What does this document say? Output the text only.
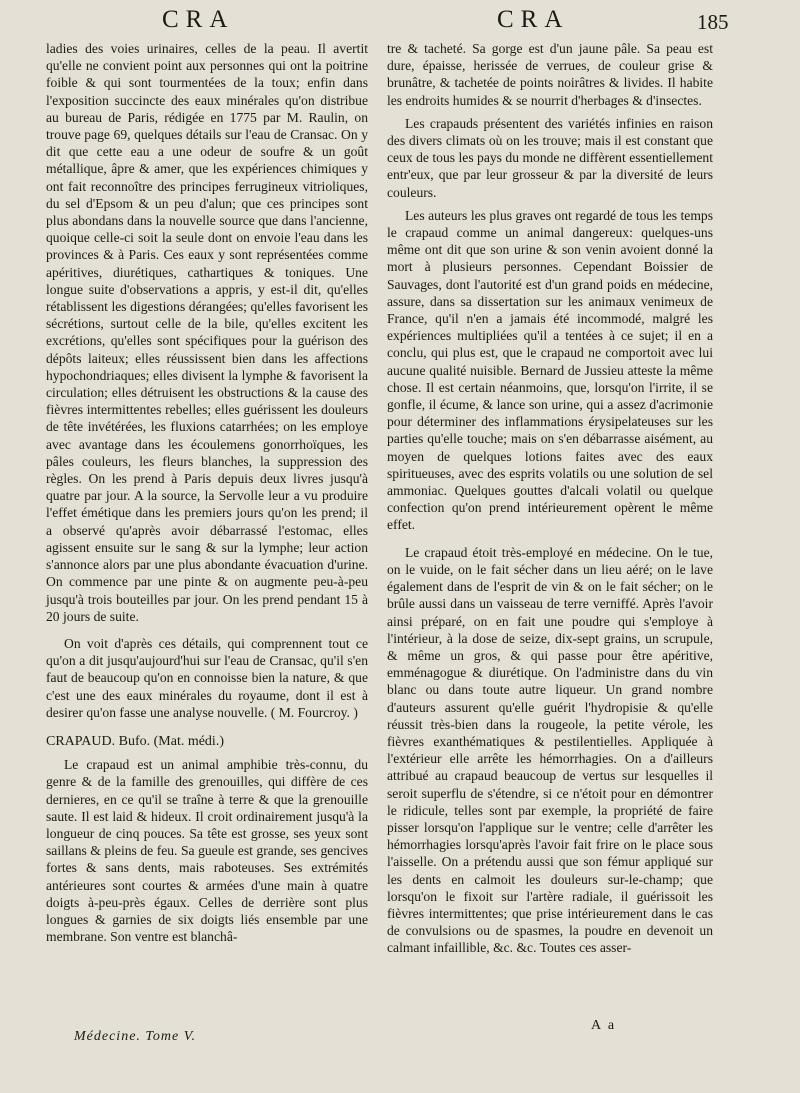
CRA	CRA	185

ladies des voies urinaires, celles de la peau. Il avertit qu'elle ne convient point aux personnes qui ont la poitrine foible & qui sont tourmentées de la toux; enfin dans l'exposition succincte des eaux minérales qu'on distribue au bureau de Paris, rédigée en 1775 par M. Raulin, on trouve page 69, quelques détails sur l'eau de Cransac. On y dit que cette eau a une odeur de soufre & un goût métallique, âpre & amer, que les expériences chimiques y ont fait reconnoître des principes ferrugineux vitrioliques, du sel d'Epsom & un peu d'alun; que ces principes sont plus abondans dans la nouvelle source que dans l'ancienne, quoique celle-ci soit la seule dont on envoie l'eau dans les provinces & à Paris. Ces eaux y sont représentées comme apéritives, diurétiques, cathartiques & toniques. Une longue suite d'observations a appris, y est-il dit, qu'elles rétablissent les digestions dérangées; qu'elles favorisent les sécrétions, surtout celle de la bile, qu'elles excitent les excrétions, qu'elles sont spécifiques pour la guérison des dépôts laiteux; elles réussissent bien dans les affections hypochondriaques; elles divisent la lymphe & favorisent la circulation; elles détruisent les obstructions & la cause des fièvres intermittentes rebelles; elles guérissent les douleurs de tête invétérées, les fluxions catarrhées; on les employe avec avantage dans les écoulemens gonorrhoïques, les pâles couleurs, les fleurs blanches, la suppression des règles. On les prend à Paris depuis deux livres jusqu'à quatre par jour. A la source, la Servolle leur a vu produire l'effet émétique dans les premiers jours qu'on les prend; il a observé qu'après avoir débarrassé l'estomac, elles agissent ensuite sur le sang & sur la lymphe; leur action s'annonce alors par une plus abondante évacuation d'urine. On commence par une pinte & on augmente peu-à-peu jusqu'à trois bouteilles par jour. On les prend pendant 15 à 20 jours de suite.

On voit d'après ces détails, qui comprennent tout ce qu'on a dit jusqu'aujourd'hui sur l'eau de Cransac, qu'il s'en faut de beaucoup qu'on en connoisse bien la nature, & que c'est une des eaux minérales du royaume, dont il est à desirer qu'on fasse une analyse nouvelle. ( M. Fourcroy. )

CRAPAUD. Bufo. (Mat. médi.)

Le crapaud est un animal amphibie très-connu, du genre & de la famille des grenouilles, qui diffère de ces dernieres, en ce qu'il se traîne à terre & que la grenouille saute. Il est laid & hideux. Il croit ordinairement jusqu'à la longueur de cinq pouces. Sa tête est grosse, ses yeux sont saillans & pleins de feu. Sa gueule est grande, ses gencives fortes & sans dents, mais raboteuses. Ses extrémités antérieures sont courtes & armées d'une main à quatre doigts à-peu-près égaux. Celles de derrière sont plus longues & garnies de six doigts liés ensemble par une membrane. Son ventre est blanchâ-

tre & tacheté. Sa gorge est d'un jaune pâle. Sa peau est dure, épaisse, herissée de verrues, de couleur grise & brunâtre, & tachetée de points noirâtres & livides. Il habite les endroits humides & se nourrit d'herbages & d'insectes.

Les crapauds présentent des variétés infinies en raison des divers climats où on les trouve; mais il est constant que ceux de tous les pays du monde ne diffèrent essentiellement entr'eux, que par leur grosseur & par la diversité de leurs couleurs.

Les auteurs les plus graves ont regardé de tous les temps le crapaud comme un animal dangereux: quelques-uns même ont dit que son urine & son venin avoient donné la mort à plusieurs personnes. Cependant Boissier de Sauvages, dont l'autorité est d'un grand poids en médecine, assure, dans sa dissertation sur les animaux venimeux de France, qu'il n'en a jamais été incommodé, malgré les expériences multipliées qu'il a tentées à ce sujet; il en a conclu, qui plus est, que le crapaud ne comportoit avec lui aucune qualité nuisible. Bernard de Jussieu atteste la même chose. Il est certain néanmoins, que, lorsqu'on l'irrite, il se gonfle, il écume, & lance son urine, qui a assez d'acrimonie pour déterminer des inflammations érysipelateuses sur les parties qu'elle touche; mais on s'en débarrasse aisément, au moyen de quelques lotions faites avec des eaux spiritueuses, avec des esprits volatils ou une solution de sel ammoniac. Quelques gouttes d'alcali volatil ou quelque confection qu'on prend intérieurement opèrent le même effet.

Le crapaud étoit très-employé en médecine. On le tue, on le vuide, on le fait sécher dans un lieu aéré; on le lave également dans de l'esprit de vin & on le fait sécher; on le brûle aussi dans un vaisseau de terre verniffé. Après l'avoir ainsi préparé, on en fait une poudre qui s'employe à l'intérieur, à la dose de seize, dix-sept grains, un scrupule, & même un gros, & qui passe pour être apéritive, emménagogue & diurétique. On l'administre dans du vin blanc ou dans toute autre liqueur. Un grand nombre d'auteurs assurent qu'elle guérit l'hydropisie & qu'elle réussit très-bien dans la rougeole, la petite vérole, les fièvres exanthématiques & pestilentielles. Appliquée à l'extérieur elle arrête les hémorrhagies. On a d'ailleurs attribué au crapaud beaucoup de vertus sur lesquelles il seroit superflu de s'étendre, si ce n'étoit pour en démontrer le ridicule, telles sont par exemple, la propriété de faire pisser lorsqu'on l'applique sur le ventre; celle d'arrêter les hémorrhagies lorsqu'après l'avoir fait frire on le place sous l'aisselle. On a prétendu aussi que son fémur appliqué sur les dents en calmoit les douleurs sur-le-champ; que lorsqu'on le fixoit sur l'artère radiale, il guérissoit les fièvres intermittentes; que prise intérieurement dans le cas de convulsions ou de spasmes, la poudre en devenoit un calmant infaillible, &c. &c. Toutes ces asser-

Médecine. Tome V.
A a
